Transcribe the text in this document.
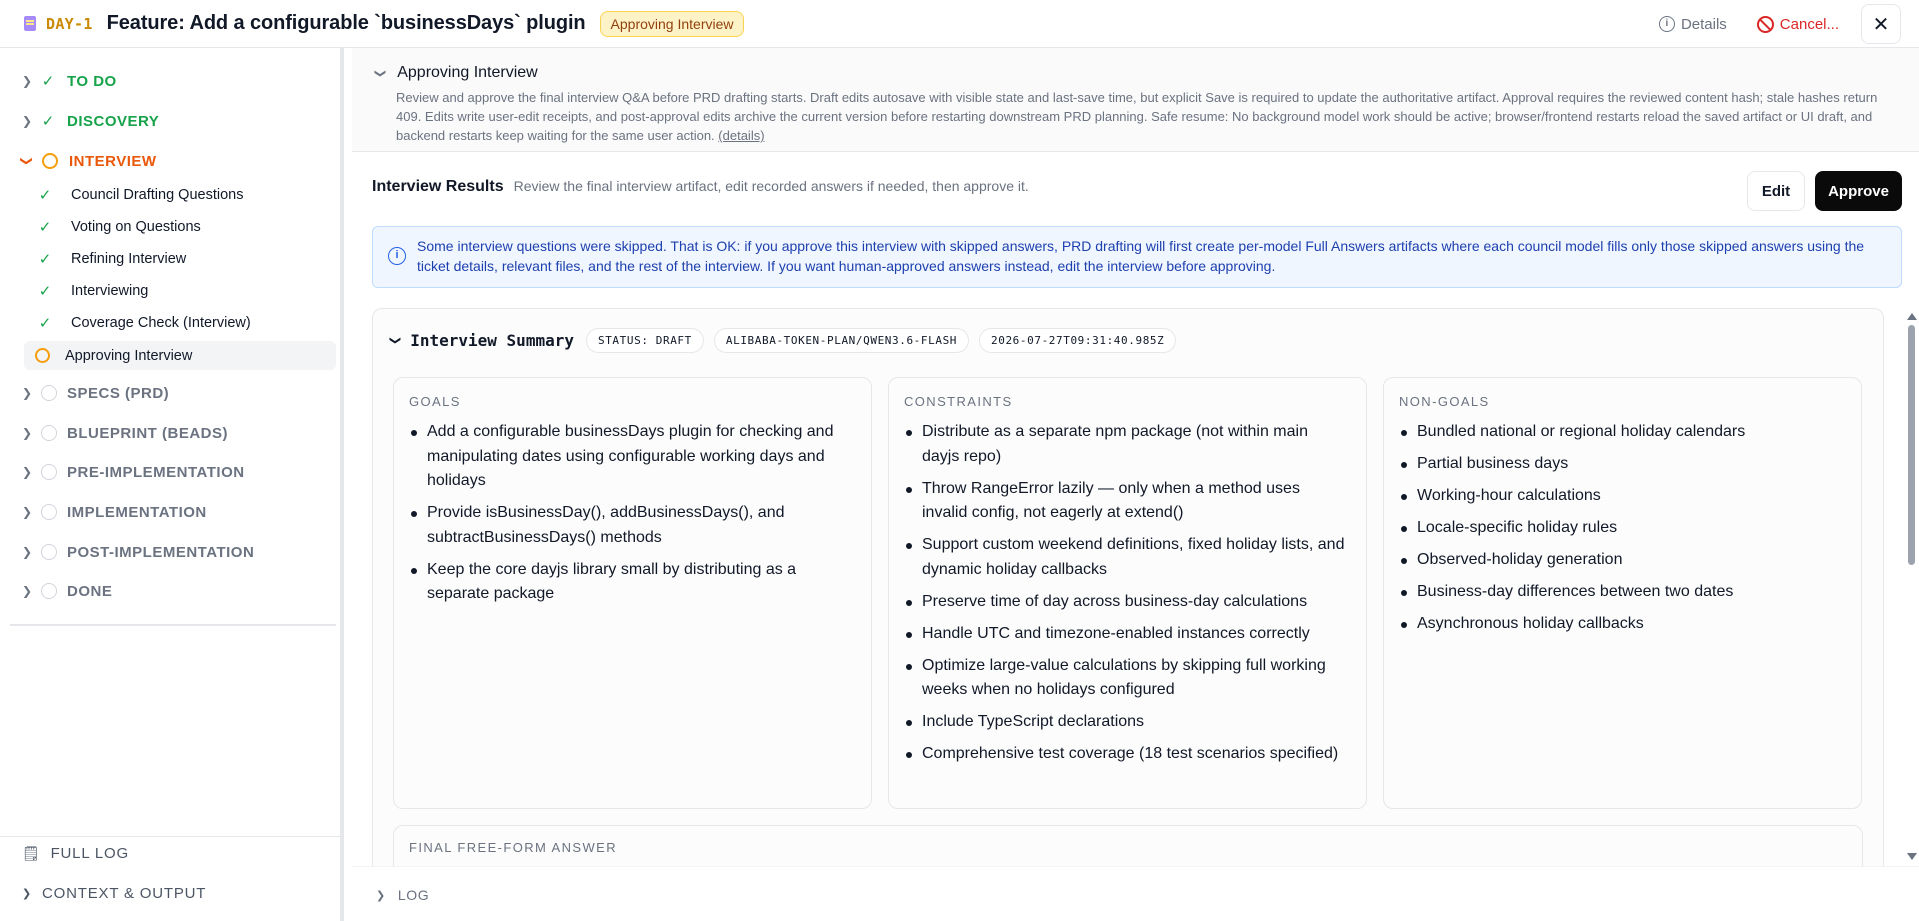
DAY-1 Feature: Add a configurable `businessDays` plugin	Approving Interview	i Details	Cancel... ✕
❯ ✓ TO DO
❯ ✓ DISCOVERY
❯ INTERVIEW
✓ Council Drafting Questions
✓ Voting on Questions
✓ Refining Interview
✓ Interviewing
✓ Coverage Check (Interview)
Approving Interview
❯	SPECS (PRD)
❯	BLUEPRINT (BEADS)
❯	PRE-IMPLEMENTATION
❯	IMPLEMENTATION
❯	POST-IMPLEMENTATION
❯	DONE
🗒 FULL LOG
❯ CONTEXT & OUTPUT
❯ Approving Interview
Review and approve the final interview Q&A before PRD drafting starts. Draft edits autosave with visible state and last-save time, but explicit Save is required to update the authoritative artifact. Approval requires the reviewed content hash; stale hashes return 409. Edits write user-edit receipts, and post-approval edits archive the current version before restarting downstream PRD planning. Safe resume: No background model work should be active; browser/frontend restarts reload the saved artifact or UI draft, and backend restarts keep waiting for the same user action. (details)
Interview Results Review the final interview artifact, edit recorded answers if needed, then approve it.	Edit	Approve
i
Some interview questions were skipped. That is OK: if you approve this interview with skipped answers, PRD drafting will first create per-model Full Answers artifacts where each council model fills only those skipped answers using the ticket details, relevant files, and the rest of the interview. If you want human-approved answers instead, edit the interview before approving.
❯ Interview Summary	STATUS: DRAFT	ALIBABA-TOKEN-PLAN/QWEN3.6-FLASH	2026-07-27T09:31:40.985Z
GOALS
Add a configurable businessDays plugin for checking and manipulating dates using configurable working days and holidays
Provide isBusinessDay(), addBusinessDays(), and subtractBusinessDays() methods
Keep the core dayjs library small by distributing as a separate package
CONSTRAINTS
Distribute as a separate npm package (not within main dayjs repo)
Throw RangeError lazily — only when a method uses invalid config, not eagerly at extend()
Support custom weekend definitions, fixed holiday lists, and dynamic holiday callbacks
Preserve time of day across business-day calculations
Handle UTC and timezone-enabled instances correctly
Optimize large-value calculations by skipping full working weeks when no holidays configured
Include TypeScript declarations
Comprehensive test coverage (18 test scenarios specified)
NON-GOALS
Bundled national or regional holiday calendars
Partial business days
Working-hour calculations
Locale-specific holiday rules
Observed-holiday generation
Business-day differences between two dates
Asynchronous holiday callbacks
FINAL FREE-FORM ANSWER
❯ LOG
